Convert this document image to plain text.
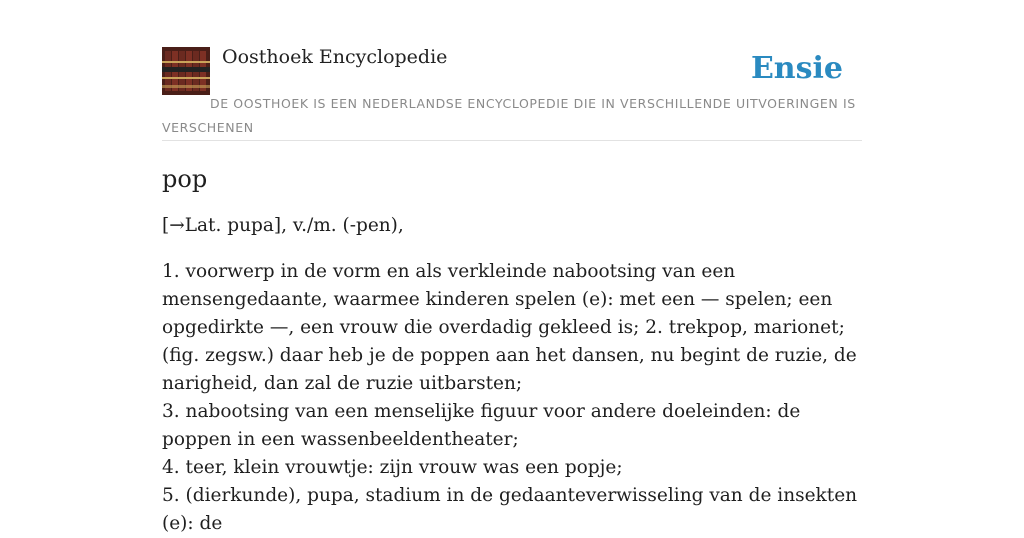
Oosthoek Encyclopedie	Ensie
DE OOSTHOEK IS EEN NEDERLANDSE ENCYCLOPEDIE DIE IN VERSCHILLENDE UITVOERINGEN IS VERSCHENEN
pop

[→Lat. pupa], v./m. (-pen),

1. voorwerp in de vorm en als verkleinde nabootsing van een mensengedaante, waarmee kinderen spelen (e): met een — spelen; een opgedirkte —, een vrouw die overdadig gekleed is; 2. trekpop, marionet; (fig. zegsw.) daar heb je de poppen aan het dansen, nu begint de ruzie, de narigheid, dan zal de ruzie uitbarsten;
3. nabootsing van een menselijke figuur voor andere doeleinden: de poppen in een wassenbeeldentheater;
4. teer, klein vrouwtje: zijn vrouw was een popje;
5. (dierkunde), pupa, stadium in de gedaanteverwisseling van de insekten (e): de
